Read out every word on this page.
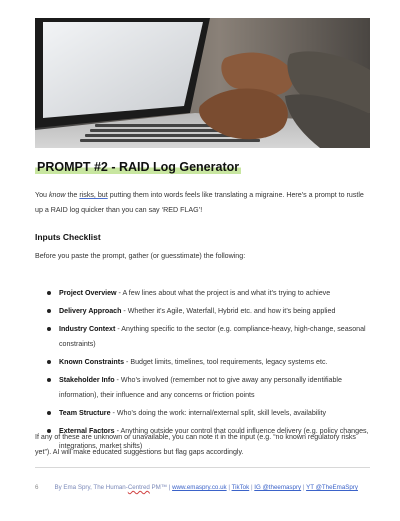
PROMPT #2 - RAID Log Generator
You know the risks, but putting them into words feels like translating a migraine. Here’s a prompt to rustle up a RAID log quicker than you can say ‘RED FLAG’!
Inputs Checklist
Before you paste the prompt, gather (or guesstimate) the following:
Project Overview - A few lines about what the project is and what it’s trying to achieve
Delivery Approach - Whether it’s Agile, Waterfall, Hybrid etc. and how it’s being applied
Industry Context - Anything specific to the sector (e.g. compliance-heavy, high-change, seasonal constraints)
Known Constraints - Budget limits, timelines, tool requirements, legacy systems etc.
Stakeholder Info - Who’s involved (remember not to give away any personally identifiable information), their influence and any concerns or friction points
Team Structure - Who’s doing the work: internal/external split, skill levels, availability
External Factors - Anything outside your control that could influence delivery (e.g. policy changes, integrations, market shifts)
If any of these are unknown or unavailable, you can note it in the input (e.g. “no known regulatory risks yet”). AI will make educated suggestions but flag gaps accordingly.
6	By Ema Spry, The Human-Centred PM™ | www.emaspry.co.uk | TikTok | IG @theemaspry | YT @TheEmaSpry
